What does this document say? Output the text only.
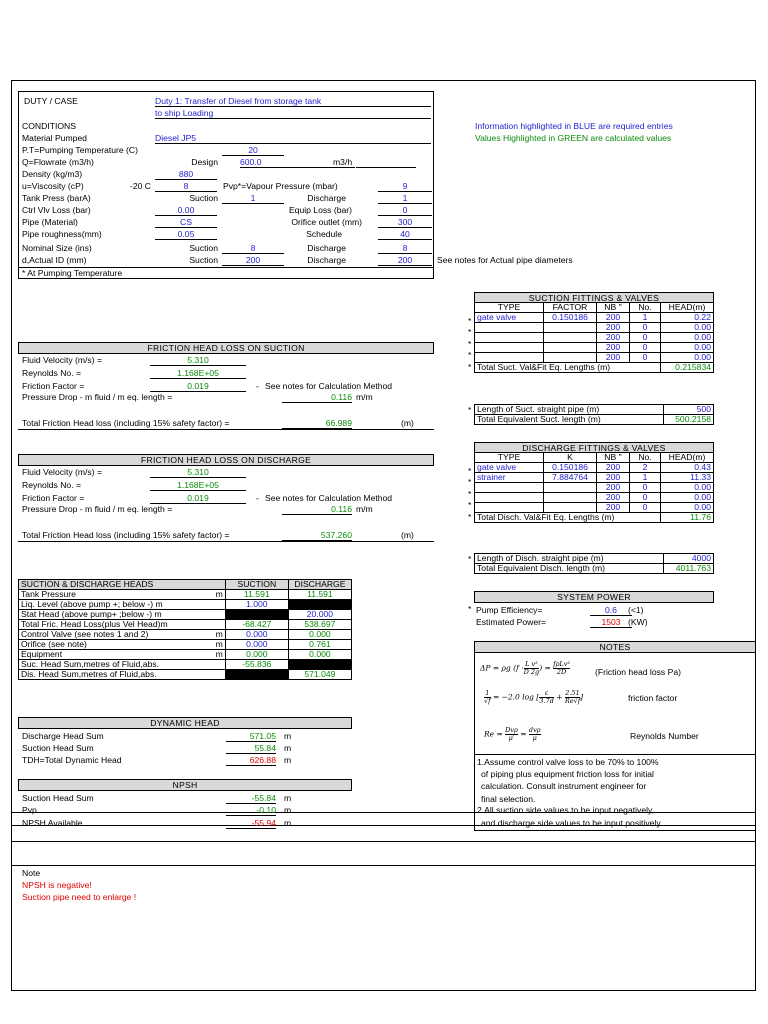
DUTY / CASE	Duty 1: Transfer of Diesel from storage tank
to ship Loading
CONDITIONS
Material Pumped	Diesel JP5
P.T=Pumping Temperature (C)	20
Q=Flowrate (m3/h)	Design	600.0	m3/h
Density (kg/m3)	880
u=Viscosity (cP)	-20 C	8	Pvp*=Vapour Pressure (mbar)	9
Tank Press (barA)	Suction	1	Discharge	1
Ctrl Vlv Loss (bar)	0.00	Equip Loss (bar)	0
Pipe (Material)	CS	Orifice outlet (mm)	300
Pipe roughness(mm)	0.05	Schedule	40
Nominal Size (ins)	Suction	8	Discharge	8
d,Actual ID (mm)	Suction	200	Discharge	200	See notes for Actual pipe diameters
* At Pumping Temperature
Information highlighted in BLUE are required entries
Values Highlighted in GREEN are calculated values
FRICTION HEAD LOSS ON SUCTION
Fluid Velocity (m/s) =	5.310
Reynolds No. =	1.168E+05
Friction Factor =	0.019	- See notes for Calculation Method
Pressure Drop - m fluid / m eq. length =	0.116 m/m
Total Friction Head loss (including 15% safety factor) =	66.989	(m)
FRICTION HEAD LOSS ON DISCHARGE
Fluid Velocity (m/s) =	5.310
Reynolds No. =	1.168E+05
Friction Factor =	0.019	- See notes for Calculation Method
Pressure Drop - m fluid / m eq. length =	0.116 m/m
Total Friction Head loss (including 15% safety factor) =	537.260	(m)
SUCTION FITTINGS & VALVES
TYPE	FACTOR	NB "	No.	HEAD(m)
gate valve	0.150186	200	1	0.22
		200	0	0.00
		200	0	0.00
		200	0	0.00
		200	0	0.00
Total Suct. Val&Fit Eq. Lengths (m)				0.215834
*
*
*
*
*
Length of Suct. straight pipe (m)	500
Total Equivalent Suct. length (m)	500.2158
*
DISCHARGE FITTINGS & VALVES
TYPE	K	NB "	No.	HEAD(m)
gate valve	0.150186	200	2	0.43
strainer	7.884764	200	1	11.33
		200	0	0.00
		200	0	0.00
		200	0	0.00
Total Disch. Val&Fit Eq. Lengths (m)				11.76
*
*
*
*
*
Length of Disch. straight pipe (m)	4000
Total Equivalent Disch. length (m)	4011.763
*
SUCTION & DISCHARGE HEADS		SUCTION	DISCHARGE
Tank Pressure	m	11.591	11.591
Liq. Level (above pump +; below -) m		1.000	
Stat Head (above pump+ ;below -) m			20.000
Total Fric. Head Loss(plus Vel Head)m		-68.427	538.697
Control Valve (see notes 1 and 2)	m	0.000	0.000
Orifice (see note)	m	0.000	0.761
Equipment	m	0.000	0.000
Suc. Head Sum,metres of Fluid,abs.		-55.836	
Dis. Head Sum,metres of Fluid,abs.			571.049
DYNAMIC HEAD
Discharge Head Sum	571.05 m
Suction Head Sum	55.84 m
TDH=Total Dynamic Head	626.88 m
NPSH
Suction Head Sum	-55.84 m
Pvp	-0.10 m
NPSH Available	-55.94 m
SYSTEM POWER
* Pump Efficiency=	0.6	(<1)
Estimated Power=	1503 (KW)
NOTES
ΔP = ρg (f · L v²
D 2g) = fρLv²
2D	(Friction head loss Pa)
1
√f = −2.0 log [ ε
3.7d + 2.51
Re√f]	friction factor
Re = Dvρ
μ′ = dvρ
μ	Reynolds Number
1.Assume control valve loss to be 70% to 100%
of piping plus equipment friction loss for initial
calculation. Consult instrument engineer for
final selection.
2.All suction side values to be input negatively,
and discharge side values to be input positively
Note
NPSH is negative!
Suction pipe need to enlarge !
